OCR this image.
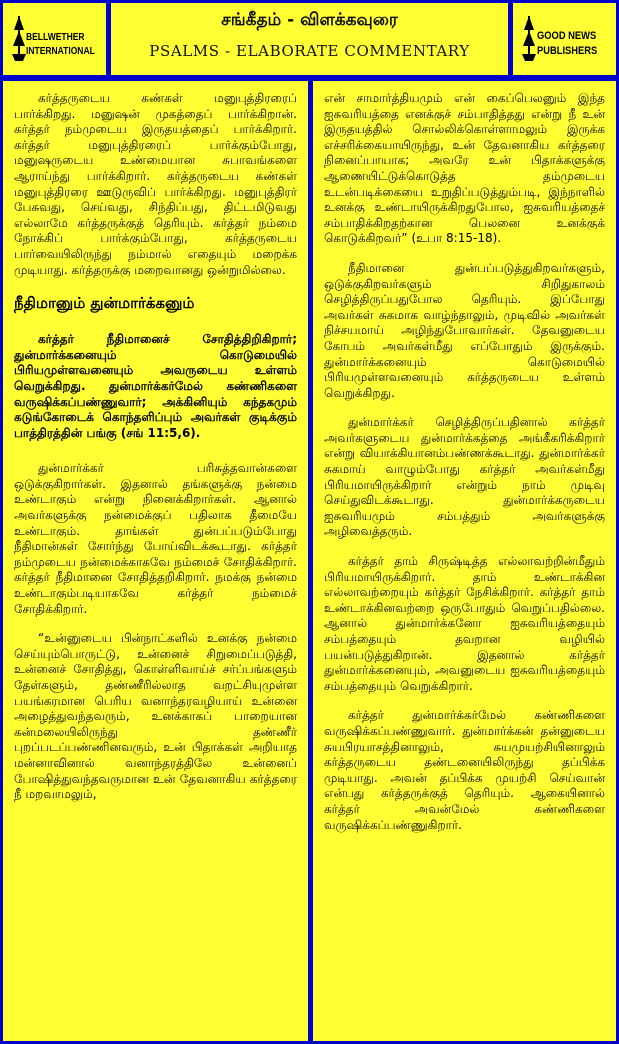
BELLWETHER
INTERNATIONAL
சங்கீதம் - விளக்கவுரை
PSALMS - ELABORATE COMMENTARY
GOOD NEWS
PUBLISHERS

கர்த்தருடைய கண்கள் மனுபுத்திரரைப் பார்க்கிறது. மனுஷன் முகத்தைப் பார்க்கிறான். கர்த்தர் நம்முடைய இருதயத்தைப் பார்க்கிறார். கர்த்தர் மனுபுத்திரரைப் பார்க்கும்போது, மனுஷருடைய உண்மையான சுபாவங்களை ஆராய்ந்து பார்க்கிறார். கர்த்தருடைய கண்கள் மனுபுத்திரரை ஊடுருவிப் பார்க்கிறது. மனுபுத்திரர் பேசுவது, செய்வது, சிந்திப்பது, திட்டமிடுவது எல்லாமே கர்த்தருக்குத் தெரியும். கர்த்தர் நம்மை நோக்கிப் பார்க்கும்போது, கர்த்தருடைய பார்வையிலிருந்து நம்மால் எதையும் மறைக்க முடியாது. கர்த்தருக்கு மறைவானது ஒன்றுமில்லை.

நீதிமானும் துன்மார்க்கனும்

கர்த்தர் நீதிமானைச் சோதித்திறிகிறார்; துன்மார்க்கனையும் கொடுமையில் பிரியமுள்ளவனையும் அவருடைய உள்ளம் வெறுக்கிறது. துன்மார்க்கர்மேல் கண்ணிகளை வருஷிக்கப்பண்ணுவார்; அக்கினியும் கந்தகமும் கடுங்கோடைக் கொந்தளிப்பும் அவர்கள் குடிக்கும் பாத்திரத்தின் பங்கு (சங் 11:5,6).

துன்மார்க்கர் பரிசுத்தவான்களை ஒடுக்குகிறார்கள். இதனால் தங்களுக்கு நன்மை உண்டாகும் என்று நினைக்கிறார்கள். ஆனால் அவர்களுக்கு நன்மைக்குப் பதிலாக தீமையே உண்டாகும். தாங்கள் துன்பப்படும்போது நீதிமான்கள் சோர்ந்து போய்விடக்கூடாது. கர்த்தர் நம்முடைய நன்மைக்காகவே நம்மைச் சோதிக்கிறார். கர்த்தர் நீதிமானை சோதித்தறிகிறார். நமக்கு நன்மை உண்டாகும்படியாகவே கர்த்தர் நம்மைச் சோதிக்கிறார்.

“உன்னுடைய பின்நாட்களில் உனக்கு நன்மை செய்யும்பொருட்டு, உன்னைச் சிறுமைப்படுத்தி, உன்னைச் சோதித்து, கொள்ளிவாய்ச் சர்ப்பங்களும் தேள்களும், தண்ணீரில்லாத வறட்சியுமுள்ள பயங்கரமான பெரிய வனாந்தரவழியாய் உன்னை அழைத்துவந்தவரும், உனக்காகப் பாறையான கன்மலையிலிருந்து தண்ணீர் புறப்படப்பண்ணினவரும், உன் பிதாக்கள் அறியாத மன்னாவினால் வனாந்தரத்திலே உன்னைப் போஷித்துவந்தவருமான உன் தேவனாகிய கர்த்தரை நீ மறவாமலும்,

என் சாமார்த்தியமும் என் கைப்பெலனும் இந்த ஐசுவரியத்தை எனக்குச் சம்பாதித்தது என்று நீ உன் இருதயத்தில் சொல்லிக்கொள்ளாமலும் இருக்க எச்சரிக்கையாயிருந்து, உன் தேவனாகிய கர்த்தரை நினைப்பாயாக; அவரே உன் பிதாக்களுக்கு ஆணையிட்டுக்கொடுத்த தம்முடைய உடன்படிக்கையை உறுதிப்படுத்தும்படி, இந்நாளில் உனக்கு உண்டாயிருக்கிறதுபோல, ஐசுவரியத்தைச் சம்பாதிக்கிறதற்கான பெலனை உனக்குக் கொடுக்கிறவர்” (உபா 8:15-18).

நீதிமானை துன்பப்படுத்துகிறவர்களும், ஒடுக்குகிறவர்களும் சிறிதுகாலம் செழித்திருப்பதுபோல தெரியும். இப்போது அவர்கள் சுகமாக வாழ்ந்தாலும், முடிவில் அவர்கள் நிச்சயமாய் அழிந்துபோவார்கள். தேவனுடைய கோபம் அவர்கள்மீது எப்போதும் இருக்கும். துன்மார்க்கனையும் கொடுமையில் பிரியமுள்ளவனையும் கர்த்தருடைய உள்ளம் வெறுக்கிறது.

துன்மார்க்கர் செழித்திருப்பதினால் கர்த்தர் அவர்களுடைய துன்மார்க்கத்தை அங்கீகரிக்கிறார் என்று வியாக்கியானம்பண்ணக்கூடாது. துன்மார்க்கர் சுகமாய் வாழும்போது கர்த்தர் அவர்கள்மீது பிரியமாயிருக்கிறார் என்றும் நாம் முடிவு செய்துவிடக்கூடாது. துன்மார்க்கருடைய ஐசுவரியமும் சம்பத்தும் அவர்களுக்கு அழிவைத்தரும்.

கர்த்தர் தாம் சிருஷ்டித்த எல்லாவற்றின்மீதும் பிரியமாயிருக்கிறார். தாம் உண்டாக்கின எல்லாவற்றையும் கர்த்தர் நேசிக்கிறார். கர்த்தர் தாம் உண்டாக்கினவற்றை ஒருபோதும் வெறுப்பதில்லை. ஆனால் துன்மார்க்கனோ ஐசுவரியத்தையும் சம்பத்தையும் தவறான வழியில் பயன்படுத்துகிறான். இதனால் கர்த்தர் துன்மார்க்கனையும், அவனுடைய ஐசுவரியத்தையும் சம்பத்தையும் வெறுக்கிறார்.

கர்த்தர் துன்மார்க்கர்மேல் கண்ணிகளை வருஷிக்கப்பண்ணுவார். துன்மார்க்கன் தன்னுடைய சுயபிரயாசத்தினாலும், சுயமுயற்சியினாலும் கர்த்தருடைய தண்டனையிலிருந்து தப்பிக்க முடியாது. அவன் தப்பிக்க முயற்சி செய்வான் என்பது கர்த்தருக்குத் தெரியும். ஆகையினால் கர்த்தர் அவன்மேல் கண்ணிகளை வருஷிக்கப்பண்ணுகிறார்.
